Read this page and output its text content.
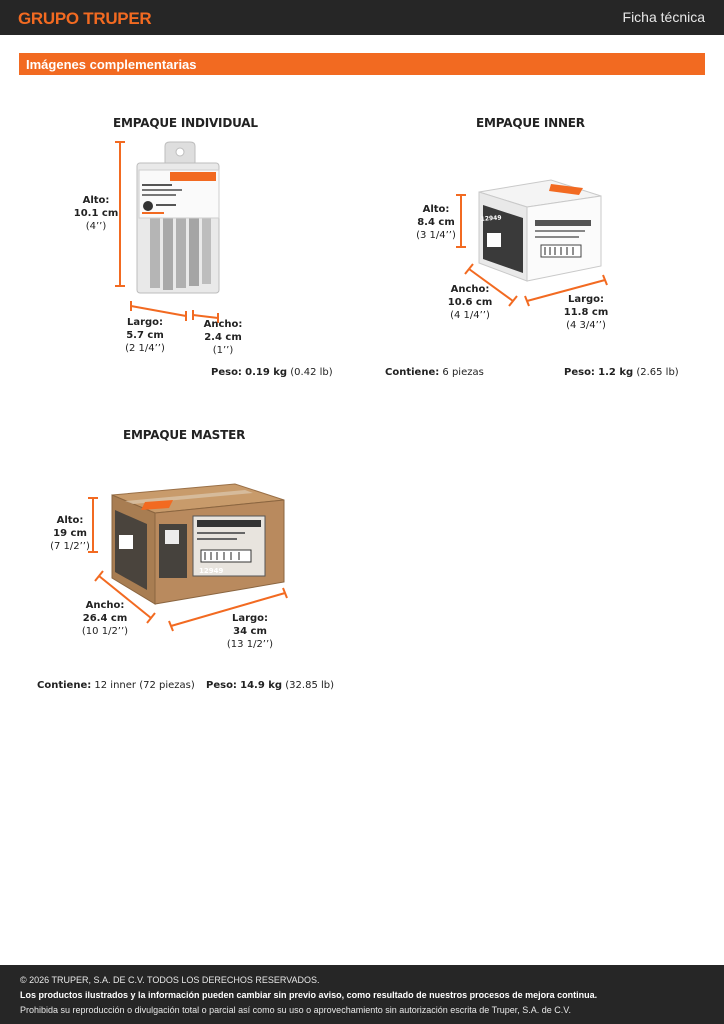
GRUPO TRUPER	Ficha técnica
Imágenes complementarias
EMPAQUE INDIVIDUAL
Alto:
10.1 cm
(4’’)
Largo:
5.7 cm
(2 1/4’’)
Ancho:
2.4 cm
(1’’)
Peso: 0.19 kg (0.42 lb)
EMPAQUE INNER
12949
Alto:
8.4 cm
(3 1/4’’)
Ancho:
10.6 cm
(4 1/4’’)
Largo:
11.8 cm
(4 3/4’’)
Contiene: 6 piezas	Peso: 1.2 kg (2.65 lb)
EMPAQUE MASTER
12949
Alto:
19 cm
(7 1/2’’)
Ancho:
26.4 cm
(10 1/2’’)
Largo:
34 cm
(13 1/2’’)
Contiene: 12 inner (72 piezas) Peso: 14.9 kg (32.85 lb)
© 2026 TRUPER, S.A. DE C.V. TODOS LOS DERECHOS RESERVADOS.
Los productos ilustrados y la información pueden cambiar sin previo aviso, como resultado de nuestros procesos de mejora continua.
Prohibida su reproducción o divulgación total o parcial así como su uso o aprovechamiento sin autorización escrita de Truper, S.A. de C.V.
